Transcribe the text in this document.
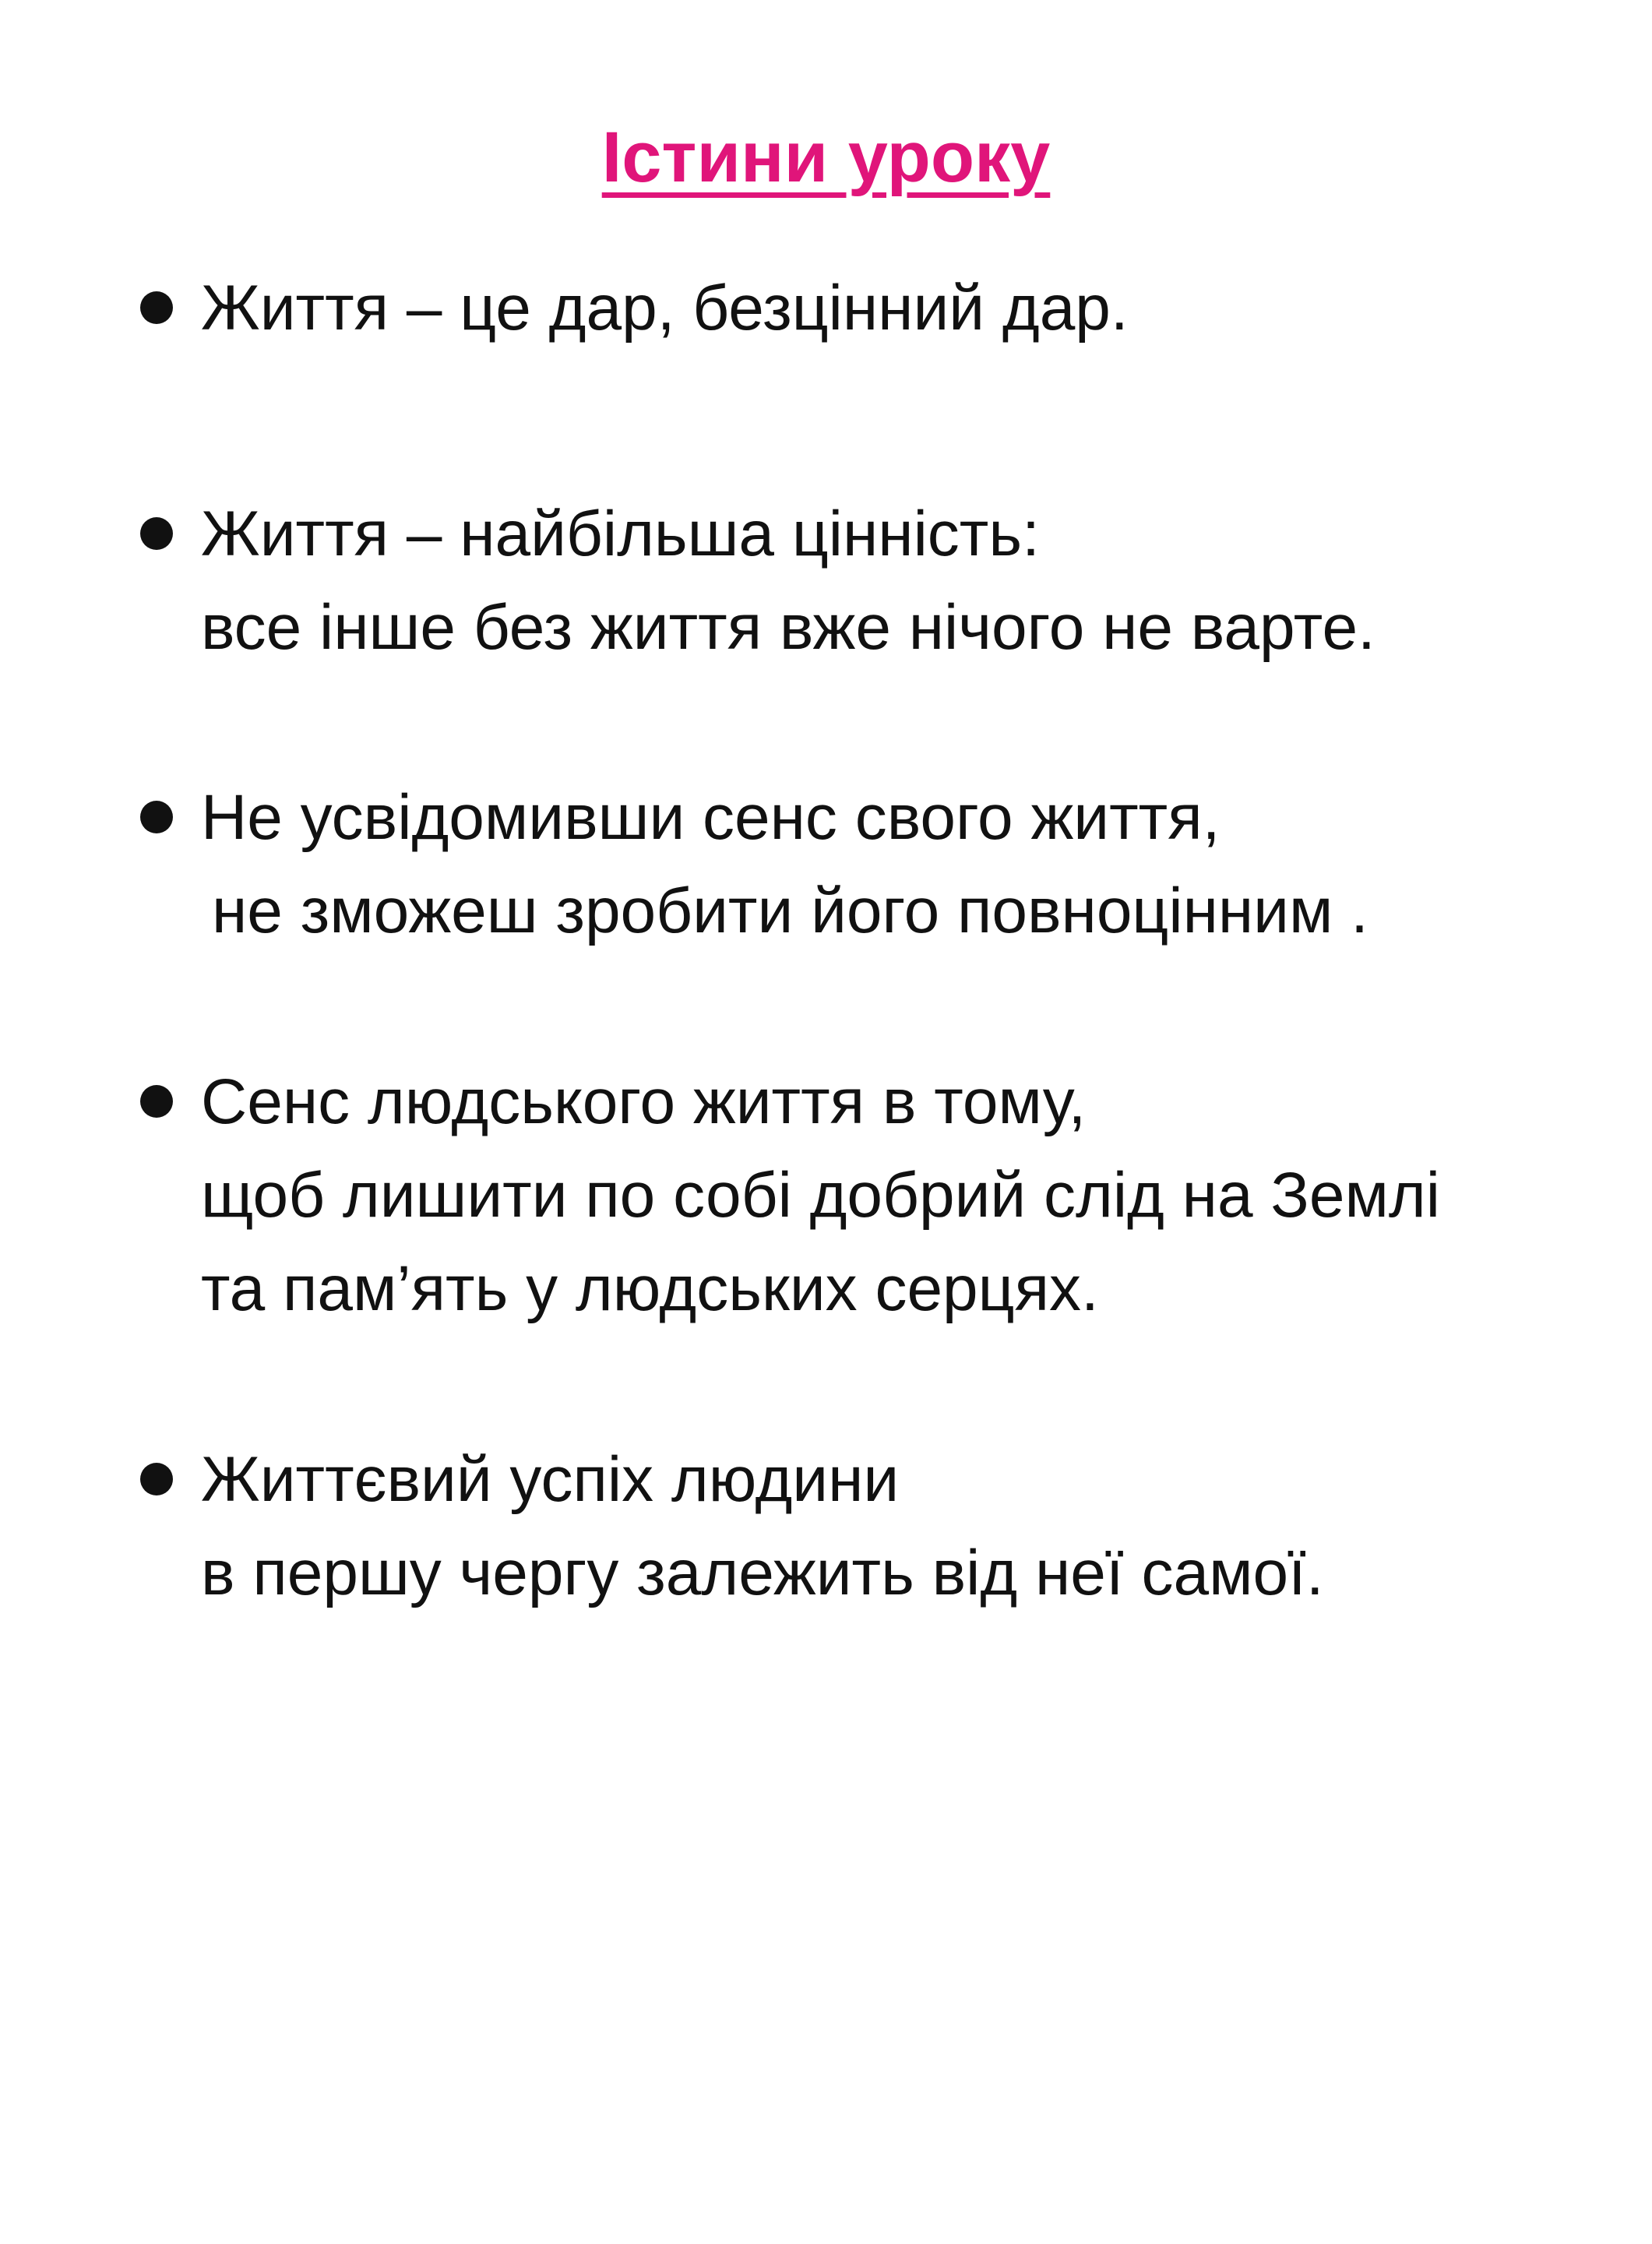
Істини уроку
Життя – це дар, безцінний дар.
Життя – найбільша цінність:
все інше без життя вже нічого не варте.
Не усвідомивши сенс свого життя,
не зможеш зробити його повноцінним .
Сенс людського життя в тому,
щоб лишити по собі добрий слід на Землі
та пам’ять у людських серцях.
Життєвий успіх людини
в першу чергу залежить від неї самої.
